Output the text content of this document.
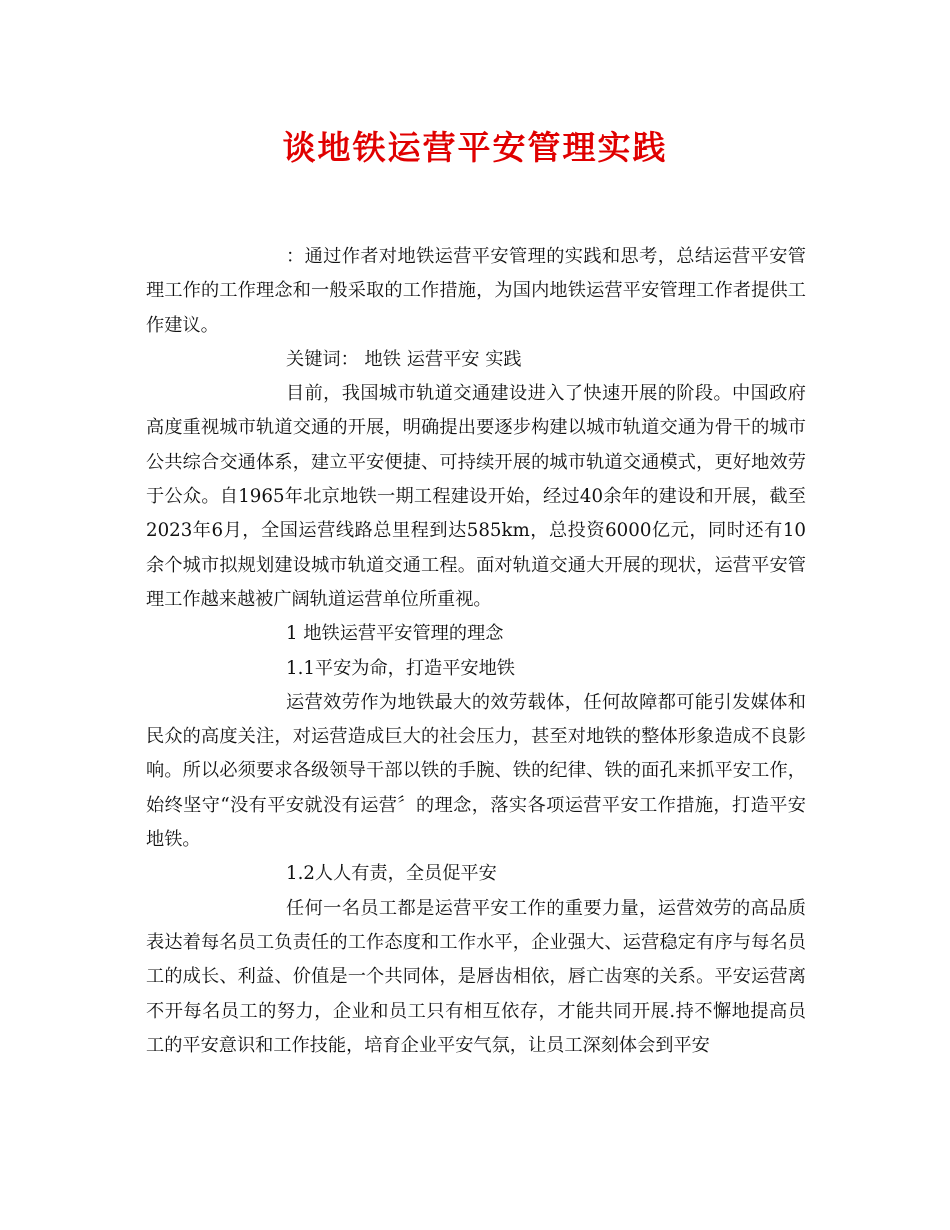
谈地铁运营平安管理实践

：通过作者对地铁运营平安管理的实践和思考，总结运营平安管理工作的工作理念和一般采取的工作措施，为国内地铁运营平安管理工作者提供工作建议。

关键词： 地铁 运营平安 实践

目前，我国城市轨道交通建设进入了快速开展的阶段。中国政府高度重视城市轨道交通的开展，明确提出要逐步构建以城市轨道交通为骨干的城市公共综合交通体系，建立平安便捷、可持续开展的城市轨道交通模式，更好地效劳于公众。自1965年北京地铁一期工程建设开始，经过40余年的建设和开展，截至2023年6月，全国运营线路总里程到达585km，总投资6000亿元，同时还有10余个城市拟规划建设城市轨道交通工程。面对轨道交通大开展的现状，运营平安管理工作越来越被广阔轨道运营单位所重视。

1 地铁运营平安管理的理念

1.1平安为命，打造平安地铁

运营效劳作为地铁最大的效劳载体，任何故障都可能引发媒体和民众的高度关注，对运营造成巨大的社会压力，甚至对地铁的整体形象造成不良影响。所以必须要求各级领导干部以铁的手腕、铁的纪律、铁的面孔来抓平安工作，始终坚守“没有平安就没有运营〞的理念，落实各项运营平安工作措施，打造平安地铁。

1.2人人有责，全员促平安

任何一名员工都是运营平安工作的重要力量，运营效劳的高品质表达着每名员工负责任的工作态度和工作水平，企业强大、运营稳定有序与每名员工的成长、利益、价值是一个共同体，是唇齿相依，唇亡齿寒的关系。平安运营离不开每名员工的努力，企业和员工只有相互依存，才能共同开展.持不懈地提高员工的平安意识和工作技能，培育企业平安气氛，让员工深刻体会到平安
